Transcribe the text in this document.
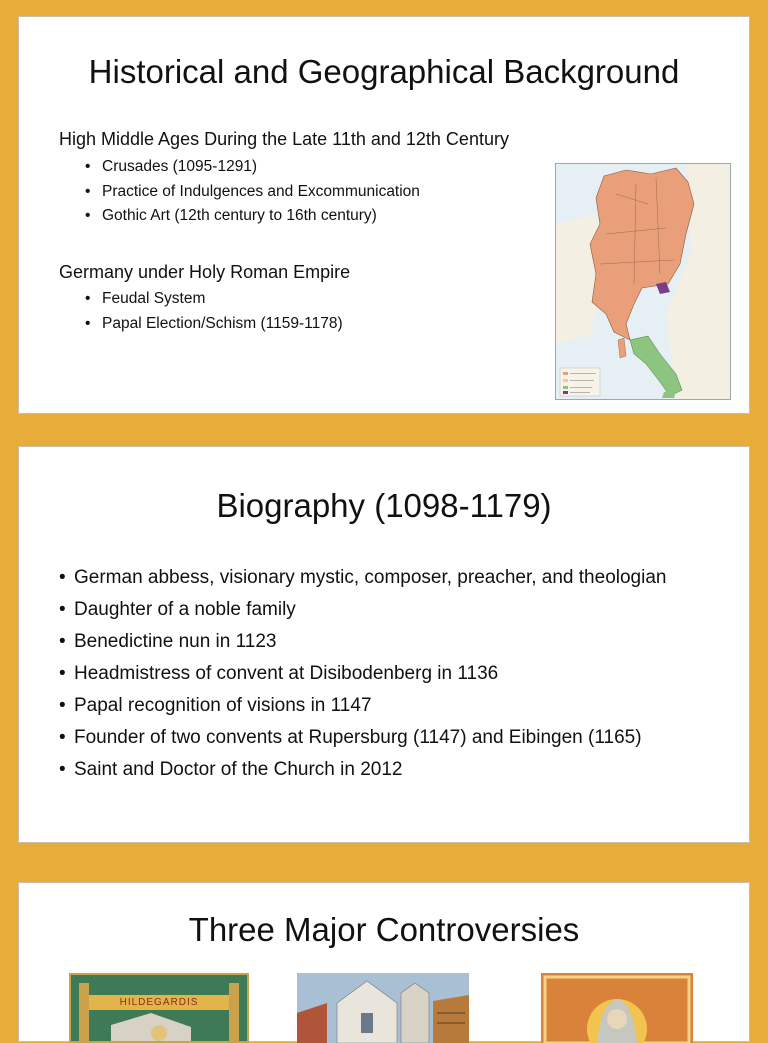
Historical and Geographical Background

High Middle Ages During the Late 11th and 12th Century

• Crusades (1095-1291)
• Practice of Indulgences and Excommunication
• Gothic Art (12th century to 16th century)

Germany under Holy Roman Empire

• Feudal System
• Papal Election/Schism (1159-1178)
Biography (1098-1179)
• German abbess, visionary mystic, composer, preacher, and theologian
• Daughter of a noble family
• Benedictine nun in 1123
• Headmistress of convent at Disibodenberg in 1136
• Papal recognition of visions in 1147
• Founder of two convents at Rupersburg (1147) and Eibingen (1165)
• Saint and Doctor of the Church in 2012
Three Major Controversies
HILDEGARDIS
